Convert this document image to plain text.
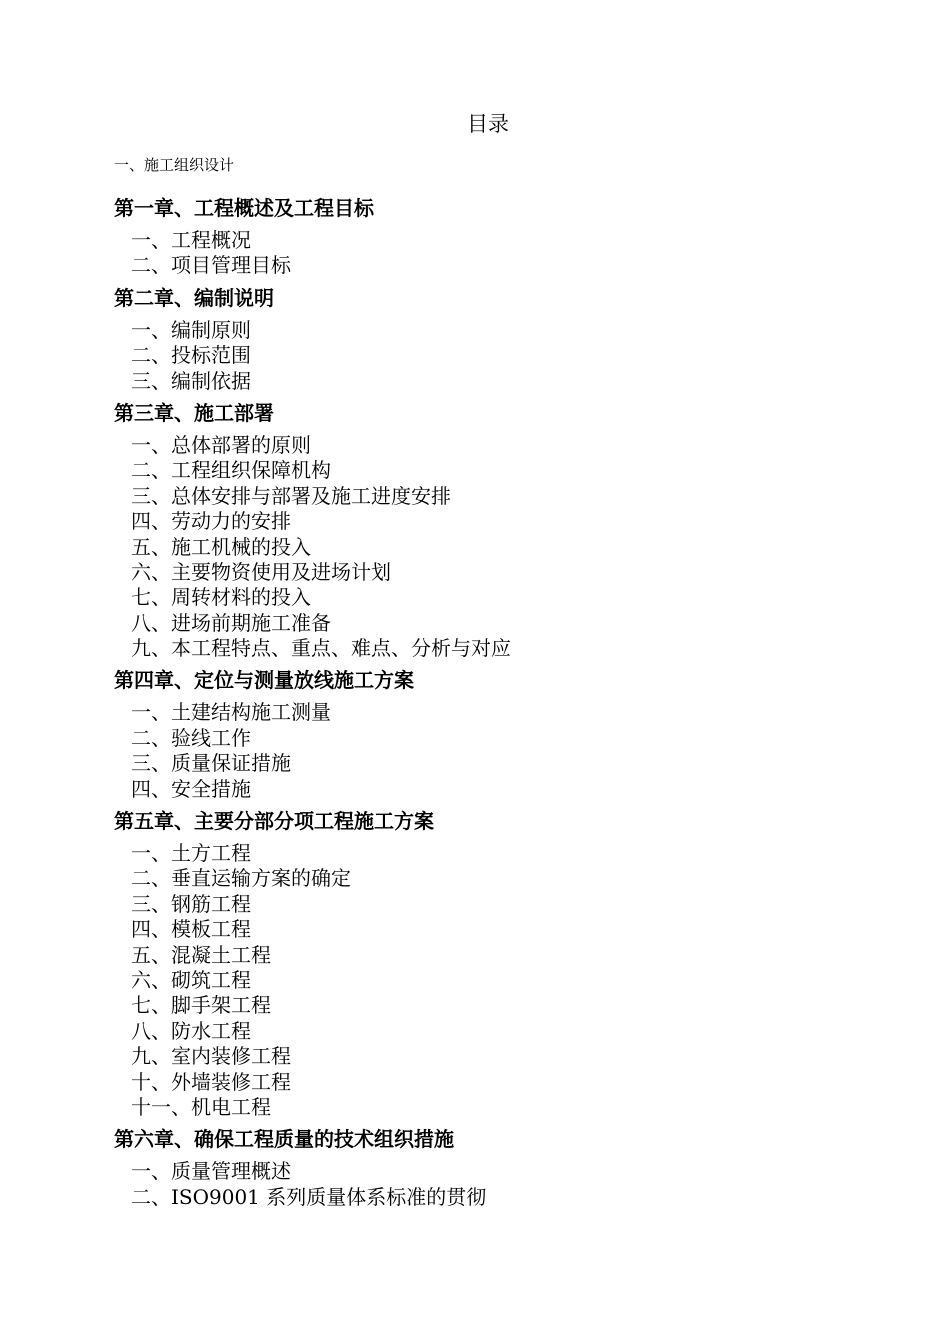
目录

一、施工组织设计

第一章、工程概述及工程目标
一、工程概况
二、项目管理目标
第二章、编制说明
一、编制原则
二、投标范围
三、编制依据
第三章、施工部署
一、总体部署的原则
二、工程组织保障机构
三、总体安排与部署及施工进度安排
四、劳动力的安排
五、施工机械的投入
六、主要物资使用及进场计划
七、周转材料的投入
八、进场前期施工准备
九、本工程特点、重点、难点、分析与对应
第四章、定位与测量放线施工方案
一、土建结构施工测量
二、验线工作
三、质量保证措施
四、安全措施
第五章、主要分部分项工程施工方案
一、土方工程
二、垂直运输方案的确定
三、钢筋工程
四、模板工程
五、混凝土工程
六、砌筑工程
七、脚手架工程
八、防水工程
九、室内装修工程
十、外墙装修工程
十一、机电工程
第六章、确保工程质量的技术组织措施
一、质量管理概述
二、ISO9001 系列质量体系标准的贯彻
